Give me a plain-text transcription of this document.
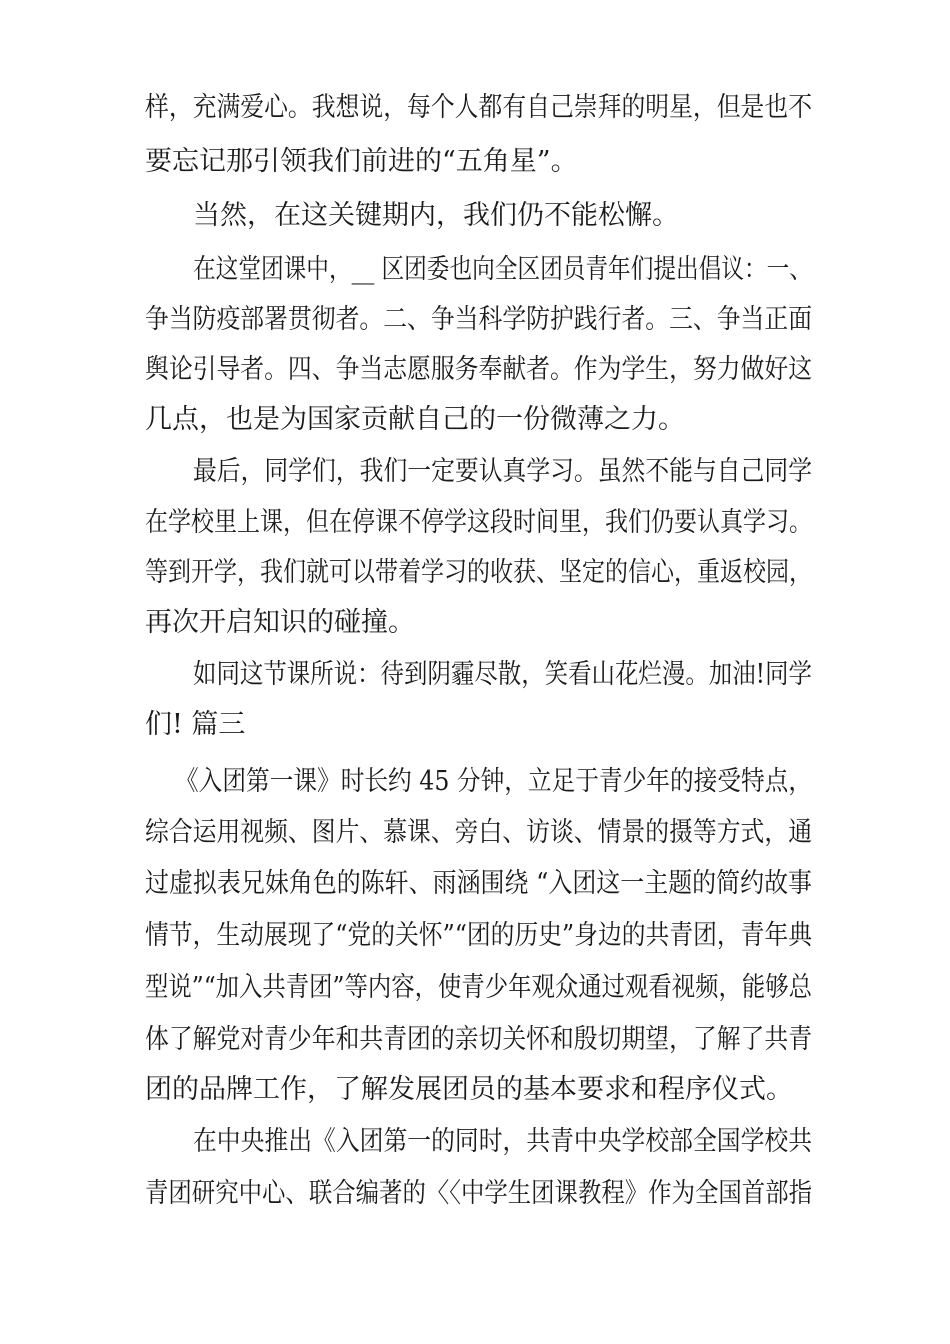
样，充满爱心。我想说，每个人都有自己崇拜的明星，但是也不
要忘记那引领我们前进的“五角星”。
当然，在这关键期内，我们仍不能松懈。
在这堂团课中，__ 区团委也向全区团员青年们提出倡议：一、
争当防疫部署贯彻者。二、争当科学防护践行者。三、争当正面
舆论引导者。四、争当志愿服务奉献者。作为学生，努力做好这
几点，也是为国家贡献自己的一份微薄之力。
最后，同学们，我们一定要认真学习。虽然不能与自己同学
在学校里上课，但在停课不停学这段时间里，我们仍要认真学习。
等到开学，我们就可以带着学习的收获、坚定的信心，重返校园，
再次开启知识的碰撞。
如同这节课所说：待到阴霾尽散，笑看山花烂漫。加油!同学
们! 篇三
《入团第一课》时长约 45 分钟，立足于青少年的接受特点，
综合运用视频、图片、慕课、旁白、访谈、情景的摄等方式，通
过虚拟表兄妹角色的陈轩、雨涵围绕 “入团这一主题的简约故事
情节，生动展现了“党的关怀”“团的历史”身边的共青团，青年典
型说”“加入共青团”等内容，使青少年观众通过观看视频，能够总
体了解党对青少年和共青团的亲切关怀和殷切期望，了解了共青
团的品牌工作，了解发展团员的基本要求和程序仪式。
在中央推出《入团第一的同时，共青中央学校部全国学校共
青团研究中心、联合编著的〈〈中学生团课教程》作为全国首部指
